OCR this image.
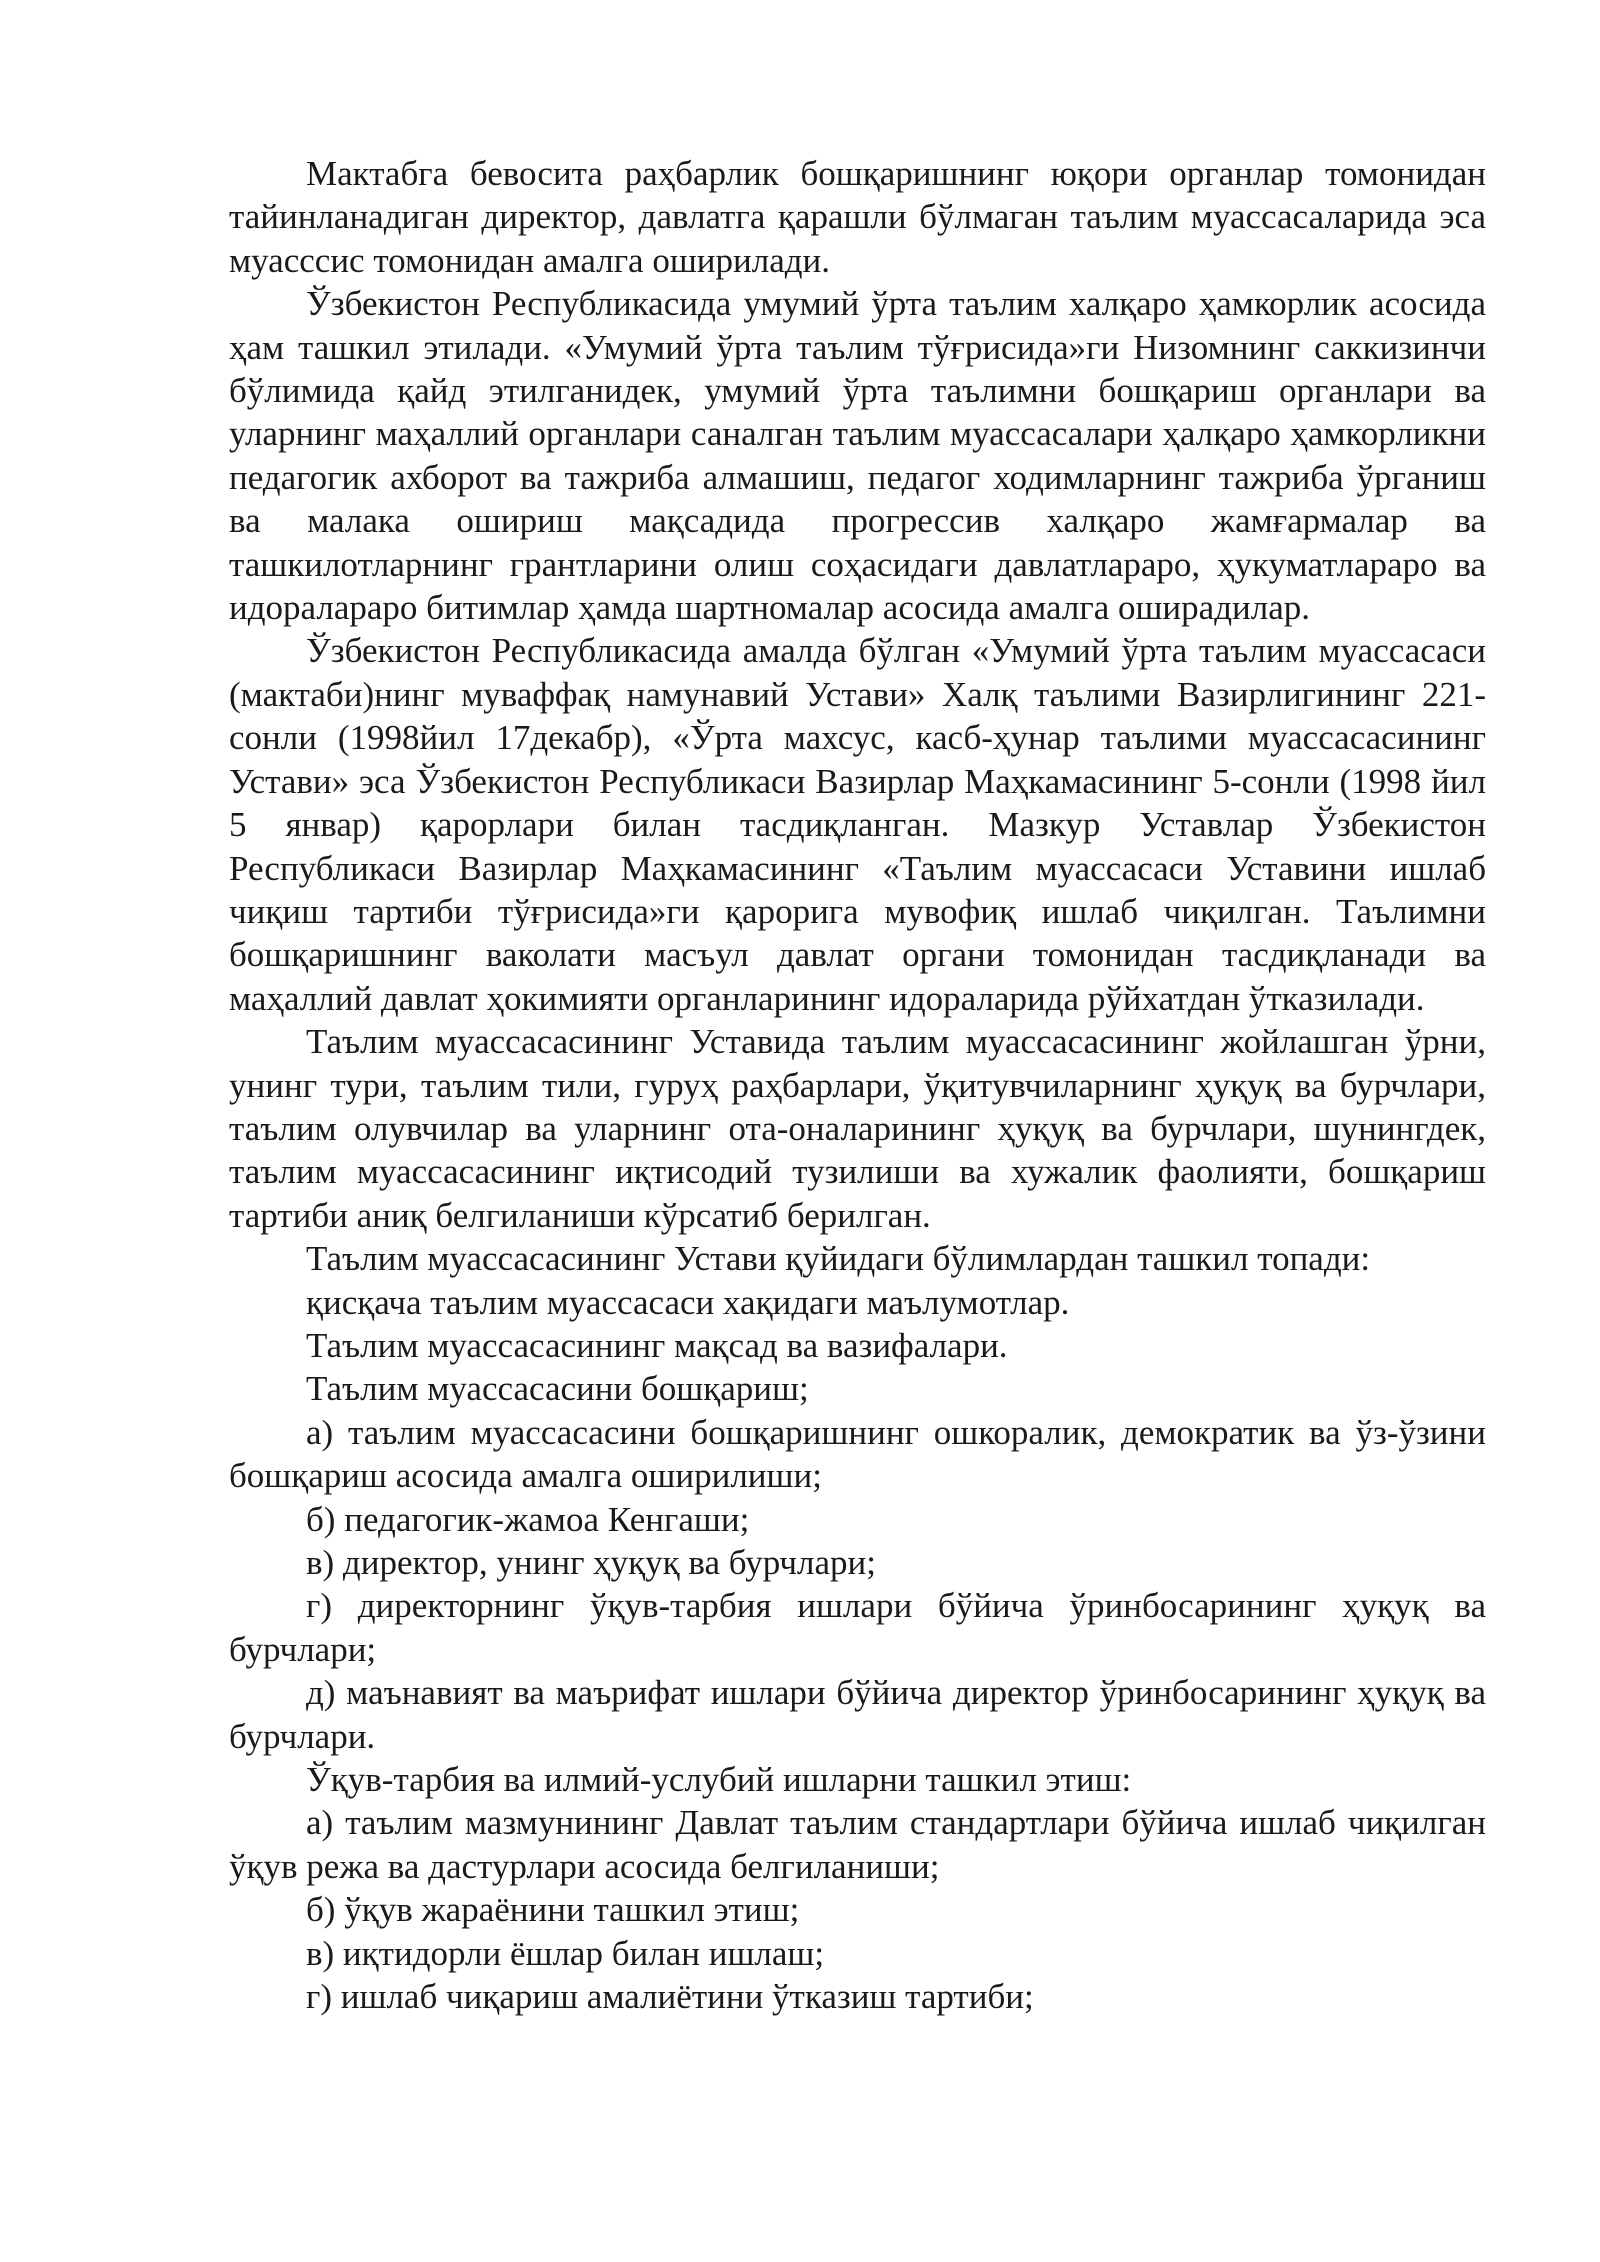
Мактабга бевосита раҳбарлик бошқаришнинг юқори органлар томонидан тайинланадиган директор, давлатга қарашли бўлмаган таълим муассасаларида эса муасссис томонидан амалга оширилади.

Ўзбекистон Республикасида умумий ўрта таълим халқаро ҳамкорлик асосида ҳам ташкил этилади. «Умумий ўрта таълим тўғрисида»ги Низомнинг саккизинчи бўлимида қайд этилганидек, умумий ўрта таълимни бошқариш органлари ва уларнинг маҳаллий органлари саналган таълим муассасалари ҳалқаро ҳамкорликни педагогик ахборот ва тажриба алмашиш, педагог ходимларнинг тажриба ўрганиш ва малака ошириш мақсадида прогрессив халқаро жамғармалар ва ташкилотларнинг грантларини олиш соҳасидаги давлатлараро, ҳукуматлараро ва идоралараро битимлар ҳамда шартномалар асосида амалга оширадилар.

Ўзбекистон Республикасида амалда бўлган «Умумий ўрта таълим муассасаси (мактаби)нинг муваффақ намунавий Устави» Халқ таълими Вазирлигининг 221-сонли (1998йил 17декабр), «Ўрта махсус, касб-ҳунар таълими муассасасининг Устави» эса Ўзбекистон Республикаси Вазирлар Маҳкамасининг 5-сонли (1998 йил 5 январ) қарорлари билан тасдиқланган. Мазкур Уставлар Ўзбекистон Республикаси Вазирлар Маҳкамасининг «Таълим муассасаси Уставини ишлаб чиқиш тартиби тўғрисида»ги қарорига мувофиқ ишлаб чиқилган. Таълимни бошқаришнинг ваколати масъул давлат органи томонидан тасдиқланади ва маҳаллий давлат ҳокимияти органларининг идораларида рўйхатдан ўтказилади.

Таълим муассасасининг Уставида таълим муассасасининг жойлашган ўрни, унинг тури, таълим тили, гуруҳ раҳбарлари, ўқитувчиларнинг ҳуқуқ ва бурчлари, таълим олувчилар ва уларнинг ота-оналарининг ҳуқуқ ва бурчлари, шунингдек, таълим муассасасининг иқтисодий тузилиши ва хужалик фаолияти, бошқариш тартиби аниқ белгиланиши кўрсатиб берилган.

Таълим муассасасининг Устави қуйидаги бўлимлардан ташкил топади:

қисқача таълим муассасаси хақидаги маълумотлар.

Таълим муассасасининг мақсад ва вазифалари.

Таълим муассасасини бошқариш;

а) таълим муассасасини бошқаришнинг ошкоралик, демократик ва ўз-ўзини бошқариш асосида амалга оширилиши;

б) педагогик-жамоа Кенгаши;

в) директор, унинг ҳуқуқ ва бурчлари;

г) директорнинг ўқув-тарбия ишлари бўйича ўринбосарининг ҳуқуқ ва бурчлари;

д) маънавият ва маърифат ишлари бўйича директор ўринбосарининг ҳуқуқ ва бурчлари.

Ўқув-тарбия ва илмий-услубий ишларни ташкил этиш:

а) таълим мазмунининг Давлат таълим стандартлари бўйича ишлаб чиқилган ўқув режа ва дастурлари асосида белгиланиши;

б) ўқув жараёнини ташкил этиш;

в) иқтидорли ёшлар билан ишлаш;

г) ишлаб чиқариш амалиётини ўтказиш тартиби;
